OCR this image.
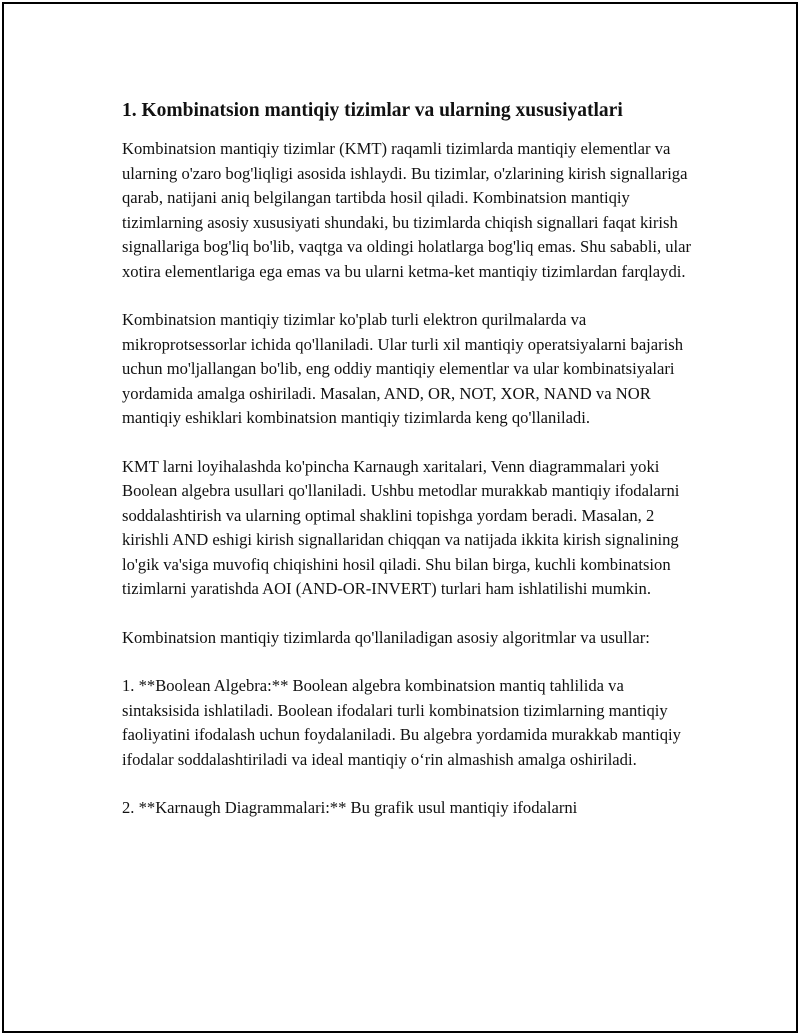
1. Kombinatsion mantiqiy tizimlar va ularning xususiyatlari

Kombinatsion mantiqiy tizimlar (KMT) raqamli tizimlarda mantiqiy elementlar va ularning o'zaro bog'liqligi asosida ishlaydi. Bu tizimlar, o'zlarining kirish signallariga qarab, natijani aniq belgilangan tartibda hosil qiladi. Kombinatsion mantiqiy tizimlarning asosiy xususiyati shundaki, bu tizimlarda chiqish signallari faqat kirish signallariga bog'liq bo'lib, vaqtga va oldingi holatlarga bog'liq emas. Shu sababli, ular xotira elementlariga ega emas va bu ularni ketma-ket mantiqiy tizimlardan farqlaydi.

Kombinatsion mantiqiy tizimlar ko'plab turli elektron qurilmalarda va mikroprotsessorlar ichida qo'llaniladi. Ular turli xil mantiqiy operatsiyalarni bajarish uchun mo'ljallangan bo'lib, eng oddiy mantiqiy elementlar va ular kombinatsiyalari yordamida amalga oshiriladi. Masalan, AND, OR, NOT, XOR, NAND va NOR mantiqiy eshiklari kombinatsion mantiqiy tizimlarda keng qo'llaniladi.

KMT larni loyihalashda ko'pincha Karnaugh xaritalari, Venn diagrammalari yoki Boolean algebra usullari qo'llaniladi. Ushbu metodlar murakkab mantiqiy ifodalarni soddalashtirish va ularning optimal shaklini topishga yordam beradi. Masalan, 2 kirishli AND eshigi kirish signallaridan chiqqan va natijada ikkita kirish signalining lo'gik va'siga muvofiq chiqishini hosil qiladi. Shu bilan birga, kuchli kombinatsion tizimlarni yaratishda AOI (AND-OR-INVERT) turlari ham ishlatilishi mumkin.

Kombinatsion mantiqiy tizimlarda qo'llaniladigan asosiy algoritmlar va usullar:

1. **Boolean Algebra:** Boolean algebra kombinatsion mantiq tahlilida va sintaksisida ishlatiladi. Boolean ifodalari turli kombinatsion tizimlarning mantiqiy faoliyatini ifodalash uchun foydalaniladi. Bu algebra yordamida murakkab mantiqiy ifodalar soddalashtiriladi va ideal mantiqiy o‘rin almashish amalga oshiriladi.

2. **Karnaugh Diagrammalari:** Bu grafik usul mantiqiy ifodalarni
